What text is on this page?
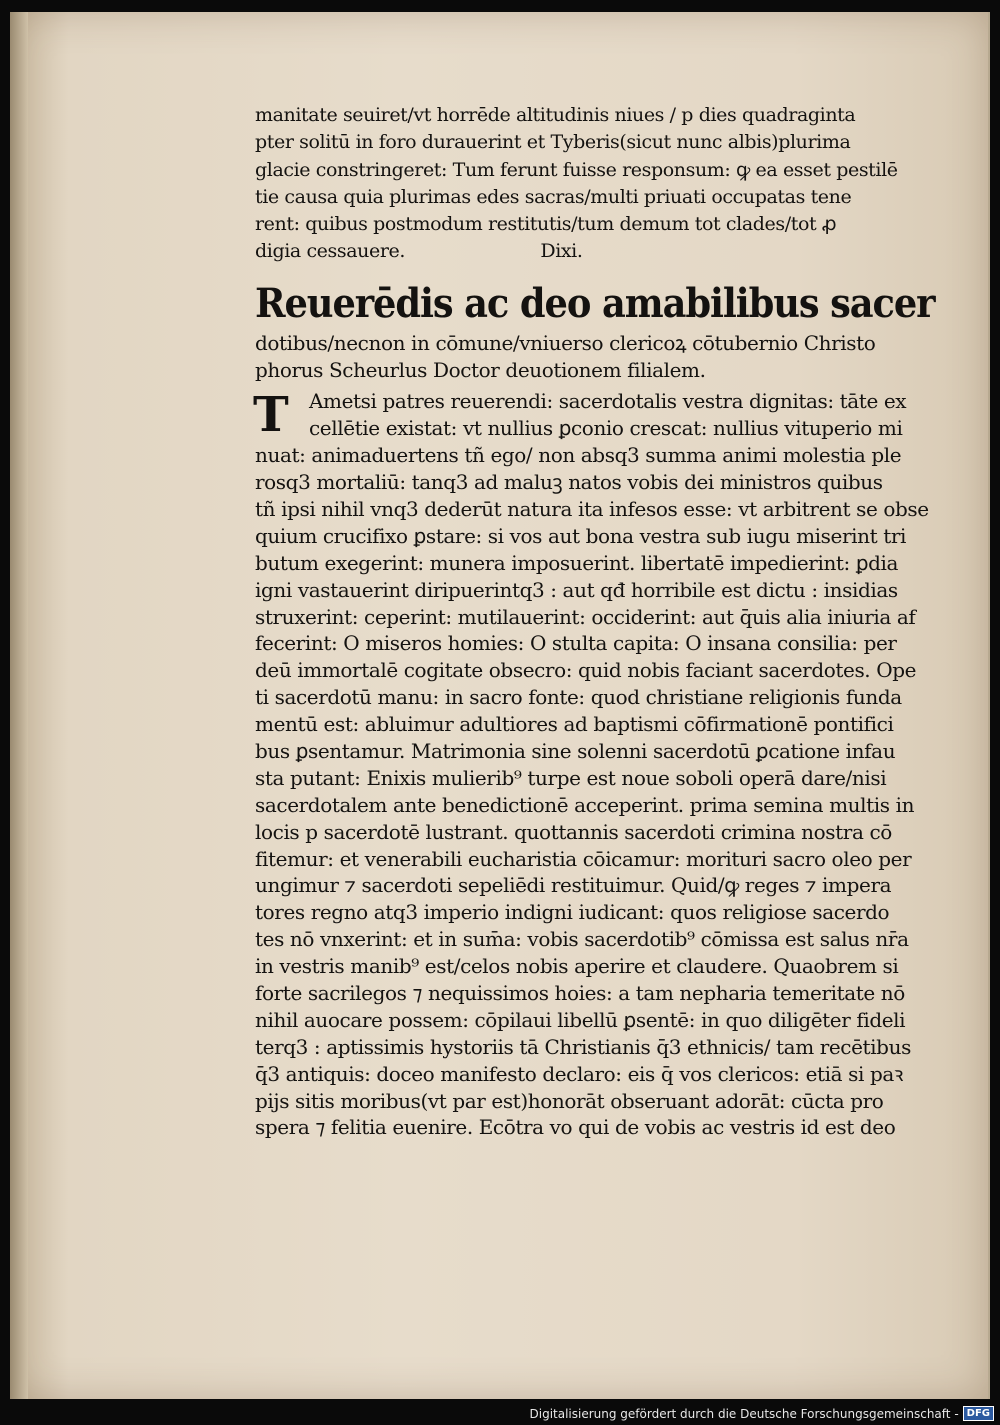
manitate seuiret/vt horrēde altitudinis niues / p dies quadraginta
pter solitū in foro durauerint et Tyberis(sicut nunc albis)plurima
glacie constringeret: Tum ferunt fuisse responsum: ꝙ ea esset pestilē
tie causa quia plurimas edes sacras/multi priuati occupatas tene
rent: quibus postmodum restitutis/tum demum tot clades/tot ꝓ
digia cessauere.                        Dixi.
Reuerēdis ac deo amabilibus sacer
dotibus/necnon in cōmune/vniuerso clericoꝝ cōtubernio Christo
phorus Scheurlus Doctor deuotionem filialem.
T	Ametsi patres reuerendi: sacerdotalis vestra dignitas: tāte ex
cellētie existat: vt nullius ꝑconio crescat: nullius vituperio mi
nuat: animaduertens tñ ego/ non absq3 summa animi molestia ple
rosq3 mortaliū: tanq3 ad maluꝫ natos vobis dei ministros quibus
tñ ipsi nihil vnq3 dederūt natura ita infesos esse: vt arbitrent se obse
quium crucifixo ꝑstare: si vos aut bona vestra sub iugu miserint tri
butum exegerint: munera imposuerint. libertatē impedierint: ꝑdia
igni vastauerint diripuerintq3 : aut qđ horribile est dictu : insidias
struxerint: ceperint: mutilauerint: occiderint: aut q̄uis alia iniuria af
fecerint: O miseros homies: O stulta capita: O insana consilia: per
deū immortalē cogitate obsecro: quid nobis faciant sacerdotes. Ope
ti sacerdotū manu: in sacro fonte: quod christiane religionis funda
mentū est: abluimur adultiores ad baptismi cōfirmationē pontifici
bus ꝑsentamur. Matrimonia sine solenni sacerdotū ꝑcatione infau
sta putant: Enixis mulierib⁹ turpe est noue soboli operā dare/nisi
sacerdotalem ante benedictionē acceperint. prima semina multis in
locis p sacerdotē lustrant. quottannis sacerdoti crimina nostra cō
fitemur: et venerabili eucharistia cōicamur: morituri sacro oleo per
ungimur ⁊ sacerdoti sepeliēdi restituimur. Quid/ꝙ reges ⁊ impera
tores regno atq3 imperio indigni iudicant: quos religiose sacerdo
tes nō vnxerint: et in sum̄a: vobis sacerdotib⁹ cōmissa est salus nr̄a
in vestris manib⁹ est/celos nobis aperire et claudere. Quaobrem si
forte sacrilegos ⁊ nequissimos hoies: a tam nepharia temeritate nō
nihil auocare possem: cōpilaui libellū ꝑsentē: in quo diligēter fideli
terq3 : aptissimis hystoriis tā Christianis q̄3 ethnicis/ tam recētibus
q̄3 antiquis: doceo manifesto declaro: eis q̄ vos clericos: etiā si paꝛ
pijs sitis moribus(vt par est)honorāt obseruant adorāt: cūcta pro
spera ⁊ felitia euenire. Ecōtra vo qui de vobis ac vestris id est deo
Digitalisierung gefördert durch die Deutsche Forschungsgemeinschaft - DFG
